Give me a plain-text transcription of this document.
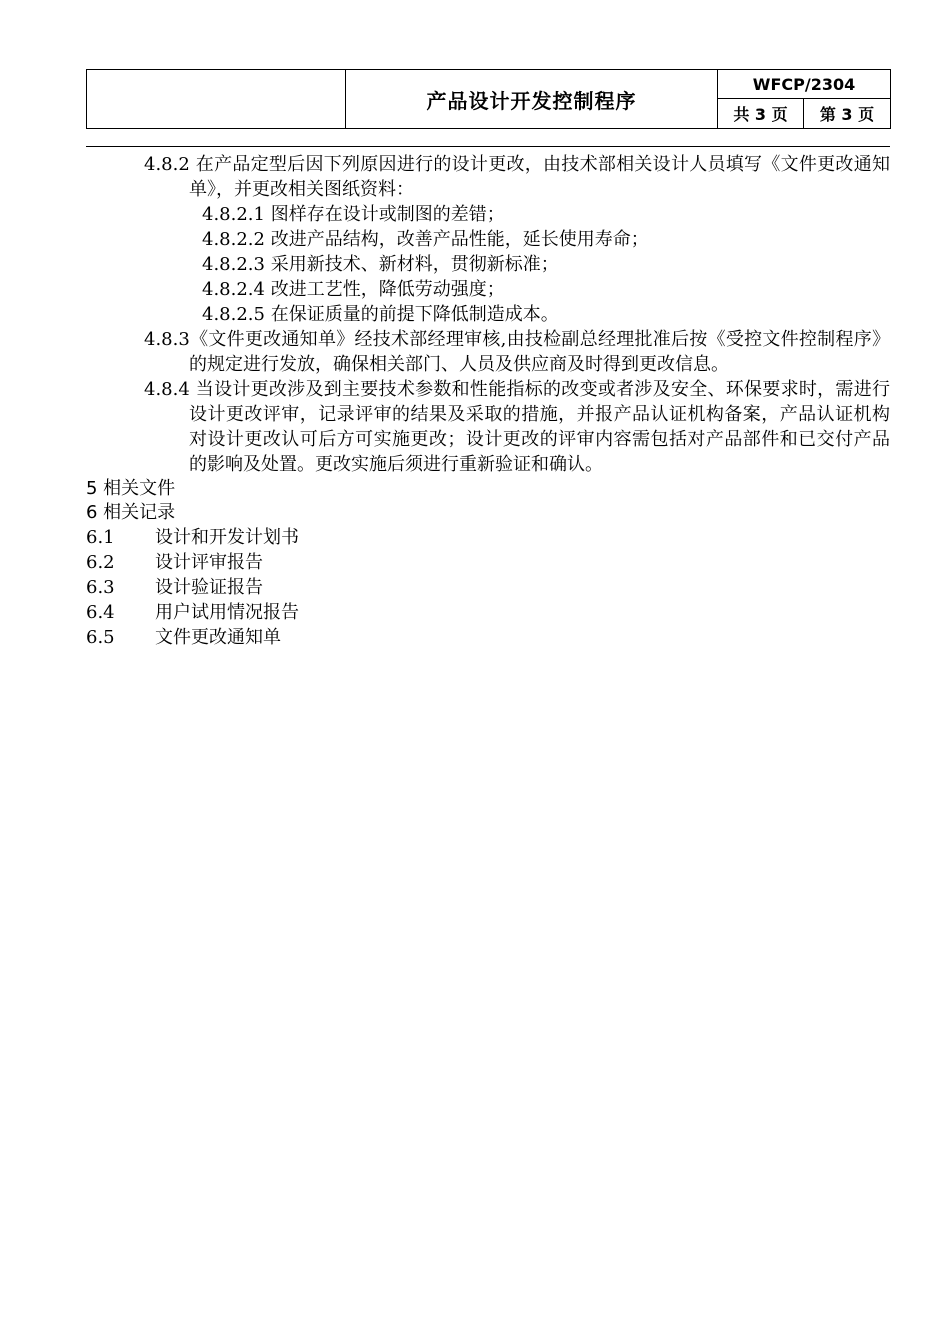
	产品设计开发控制程序	WFCP/2304	
		共 3 页	第 3 页

4.8.2 在产品定型后因下列原因进行的设计更改，由技术部相关设计人员填写《文件更改通知单》，并更改相关图纸资料：

4.8.2.1 图样存在设计或制图的差错；

4.8.2.2 改进产品结构，改善产品性能，延长使用寿命；

4.8.2.3 采用新技术、新材料，贯彻新标准；

4.8.2.4 改进工艺性，降低劳动强度；

4.8.2.5 在保证质量的前提下降低制造成本。

4.8.3《文件更改通知单》经技术部经理审核,由技检副总经理批准后按《受控文件控制程序》的规定进行发放，确保相关部门、人员及供应商及时得到更改信息。

4.8.4 当设计更改涉及到主要技术参数和性能指标的改变或者涉及安全、环保要求时，需进行设计更改评审，记录评审的结果及采取的措施，并报产品认证机构备案，产品认证机构对设计更改认可后方可实施更改；设计更改的评审内容需包括对产品部件和已交付产品的影响及处置。更改实施后须进行重新验证和确认。

5 相关文件

6 相关记录

6.1	设计和开发计划书

6.2	设计评审报告

6.3	设计验证报告

6.4	用户试用情况报告

6.5	文件更改通知单
